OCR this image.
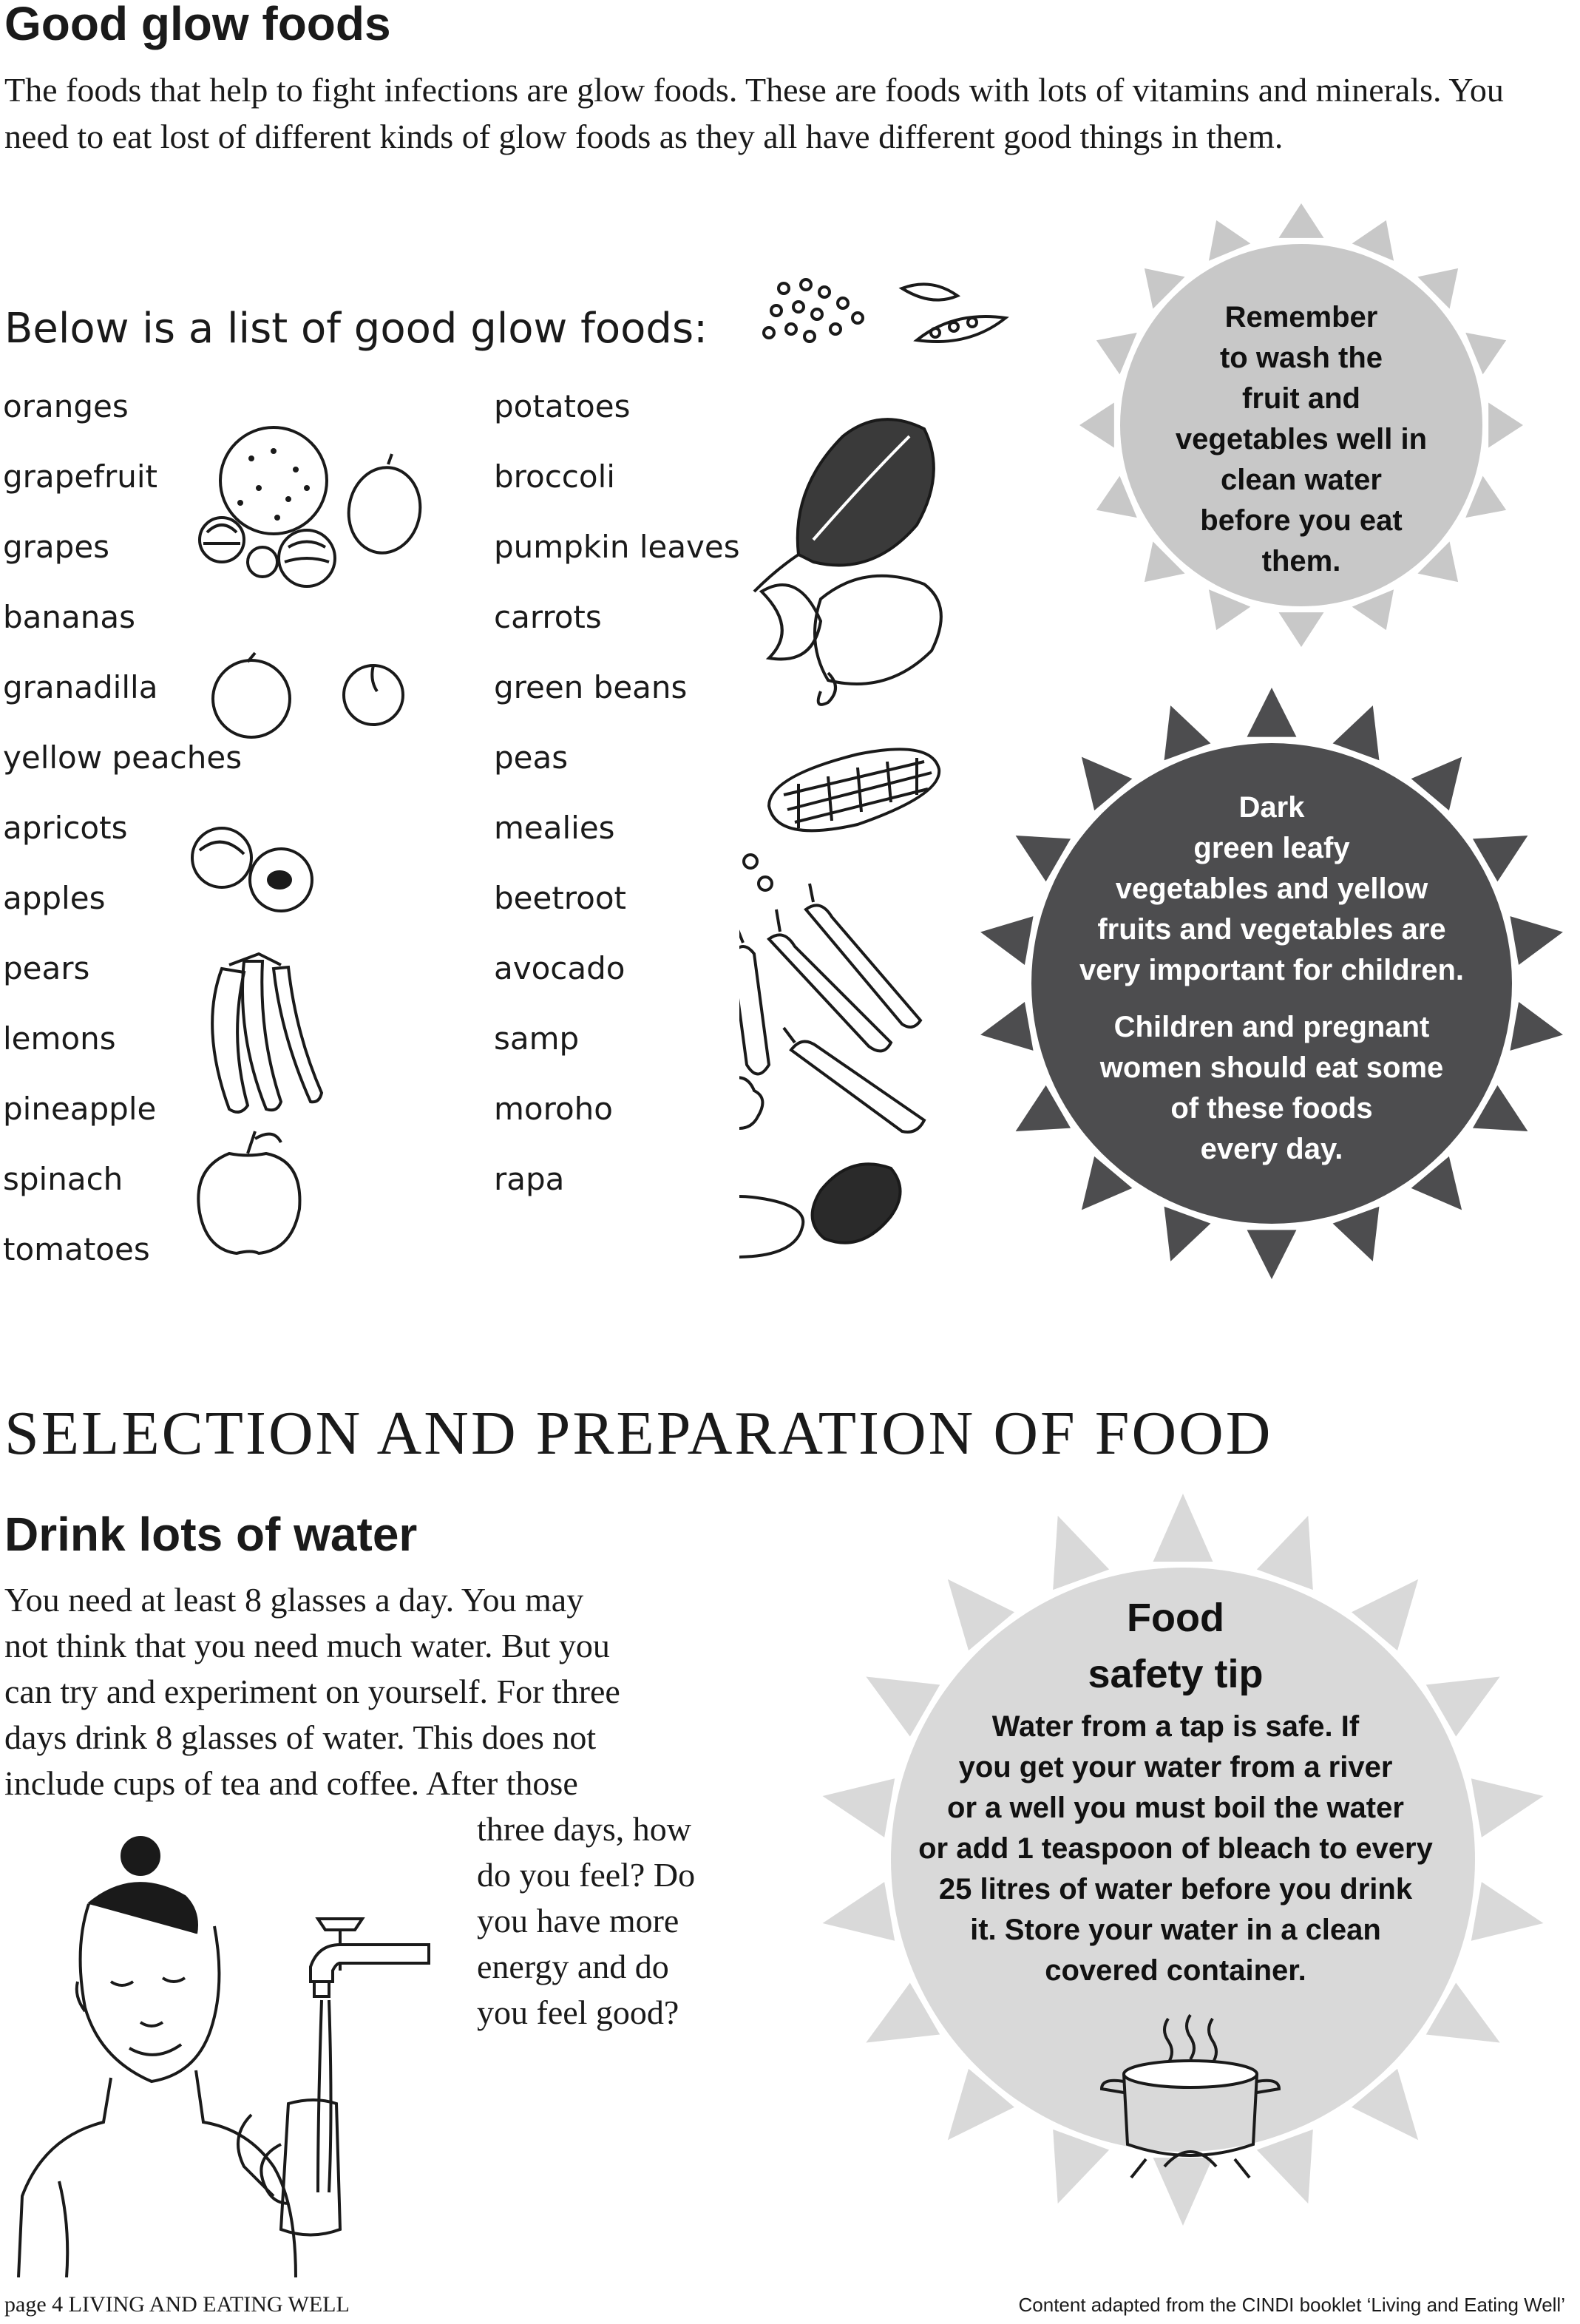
Good glow foods
The foods that help to fight infections are glow foods. These are foods with lots of vitamins and minerals. You need to eat lost of different kinds of glow foods as they all have different good things in them.
Below is a list of good glow foods:
oranges
grapefruit
grapes
bananas
granadilla
yellow peaches
apricots
apples
pears
lemons
pineapple
spinach
tomatoes
potatoes
broccoli
pumpkin leaves
carrots
green beans
peas
mealies
beetroot
avocado
samp
moroho
rapa
Remember
to wash the
fruit and
vegetables well in
clean water
before you eat
them.
Dark
green leafy
vegetables and yellow
fruits and vegetables are
very important for children.
Children and pregnant
women should eat some
of these foods
every day.
SELECTION AND PREPARATION OF FOOD
Drink lots of water
You need at least 8 glasses a day. You may
not think that you need much water. But you
can try and experiment on yourself. For three
days drink 8 glasses of water. This does not
include cups of tea and coffee. After those
three days, how
do you feel? Do
you have more
energy and do
you feel good?
Food
safety tip
Water from a tap is safe. If
you get your water from a river
or a well you must boil the water
or add 1 teaspoon of bleach to every
25 litres of water before you drink
it. Store your water in a clean
covered container.
page 4 LIVING AND EATING WELL	Content adapted from the CINDI booklet ‘Living and Eating Well’
